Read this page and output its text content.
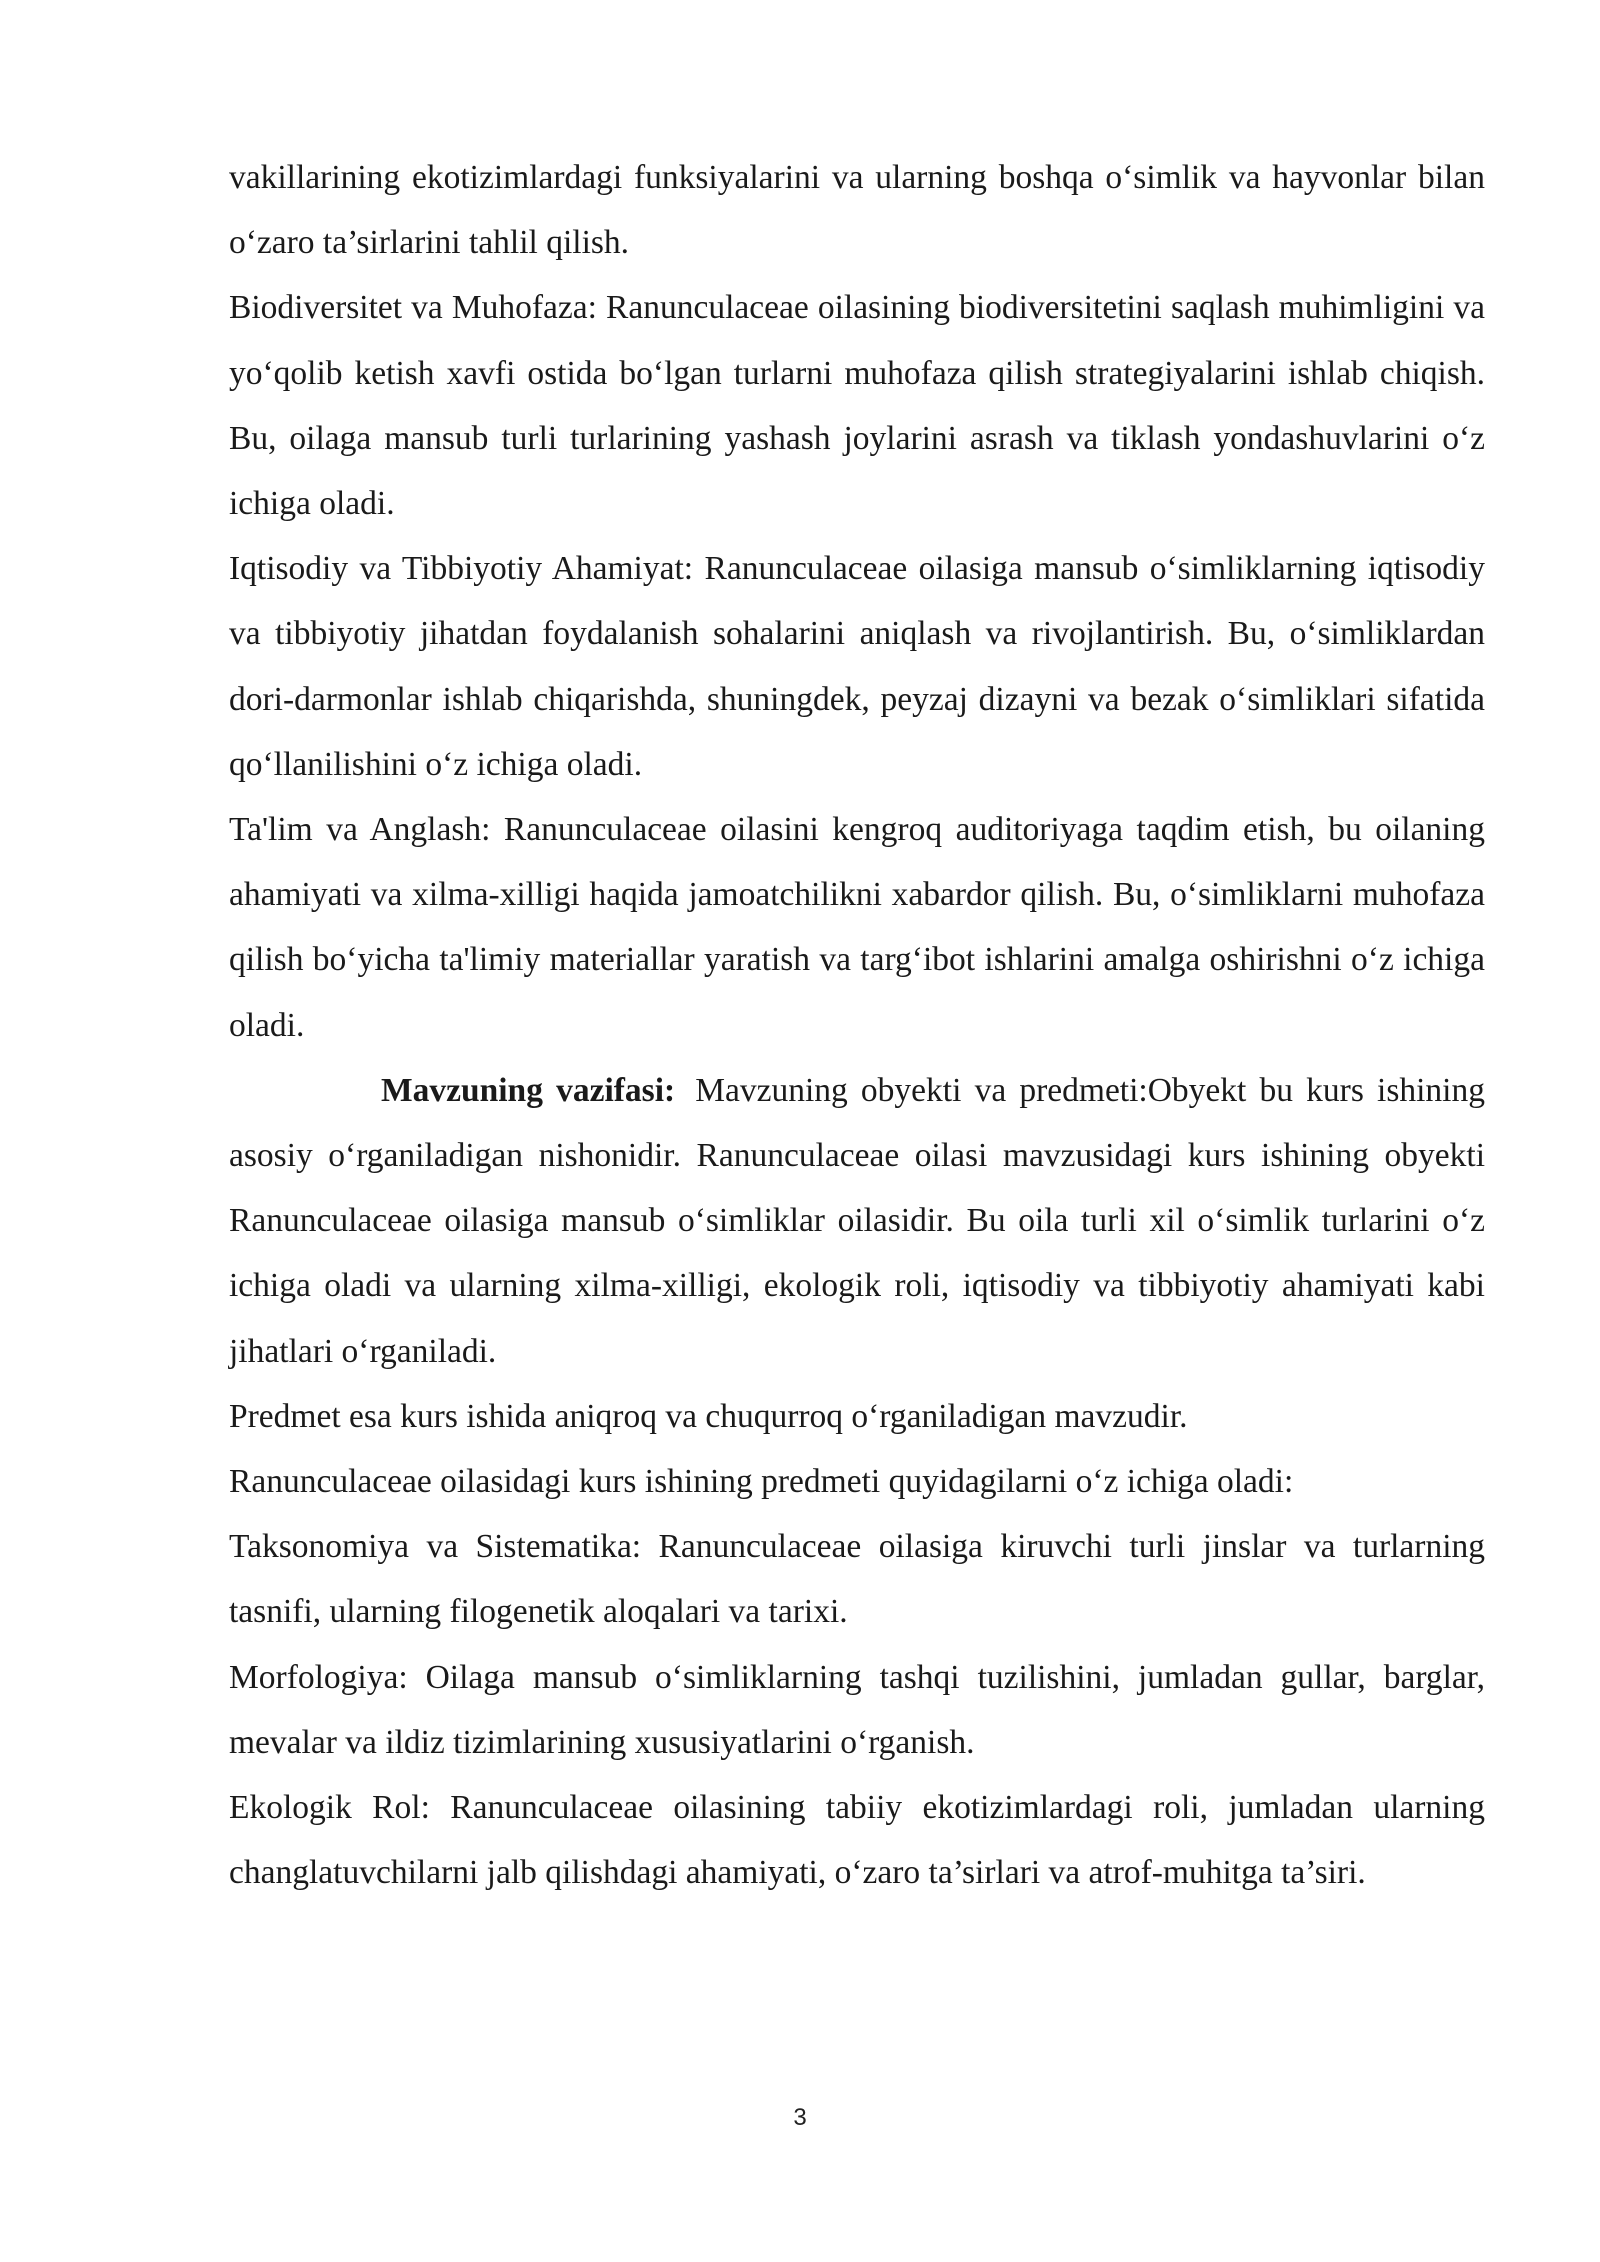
vakillarining ekotizimlardagi funksiyalarini va ularning boshqa o‘simlik va hayvonlar bilan o‘zaro ta’sirlarini tahlil qilish.

Biodiversitet va Muhofaza: Ranunculaceae oilasining biodiversitetini saqlash muhimligini va yo‘qolib ketish xavfi ostida bo‘lgan turlarni muhofaza qilish strategiyalarini ishlab chiqish. Bu, oilaga mansub turli turlarining yashash joylarini asrash va tiklash yondashuvlarini o‘z ichiga oladi.

Iqtisodiy va Tibbiyotiy Ahamiyat: Ranunculaceae oilasiga mansub o‘simliklarning iqtisodiy va tibbiyotiy jihatdan foydalanish sohalarini aniqlash va rivojlantirish. Bu, o‘simliklardan dori-darmonlar ishlab chiqarishda, shuningdek, peyzaj dizayni va bezak o‘simliklari sifatida qo‘llanilishini o‘z ichiga oladi.

Ta'lim va Anglash: Ranunculaceae oilasini kengroq auditoriyaga taqdim etish, bu oilaning ahamiyati va xilma-xilligi haqida jamoatchilikni xabardor qilish. Bu, o‘simliklarni muhofaza qilish bo‘yicha ta'limiy materiallar yaratish va targ‘ibot ishlarini amalga oshirishni o‘z ichiga oladi.

Mavzuning vazifasi: Mavzuning obyekti va predmeti:Obyekt bu kurs ishining asosiy o‘rganiladigan nishonidir. Ranunculaceae oilasi mavzusidagi kurs ishining obyekti Ranunculaceae oilasiga mansub o‘simliklar oilasidir. Bu oila turli xil o‘simlik turlarini o‘z ichiga oladi va ularning xilma-xilligi, ekologik roli, iqtisodiy va tibbiyotiy ahamiyati kabi jihatlari o‘rganiladi.

Predmet esa kurs ishida aniqroq va chuqurroq o‘rganiladigan mavzudir.

Ranunculaceae oilasidagi kurs ishining predmeti quyidagilarni o‘z ichiga oladi:

Taksonomiya va Sistematika: Ranunculaceae oilasiga kiruvchi turli jinslar va turlarning tasnifi, ularning filogenetik aloqalari va tarixi.

Morfologiya: Oilaga mansub o‘simliklarning tashqi tuzilishini, jumladan gullar, barglar, mevalar va ildiz tizimlarining xususiyatlarini o‘rganish.

Ekologik Rol: Ranunculaceae oilasining tabiiy ekotizimlardagi roli, jumladan ularning changlatuvchilarni jalb qilishdagi ahamiyati, o‘zaro ta’sirlari va atrof-muhitga ta’siri.

3
